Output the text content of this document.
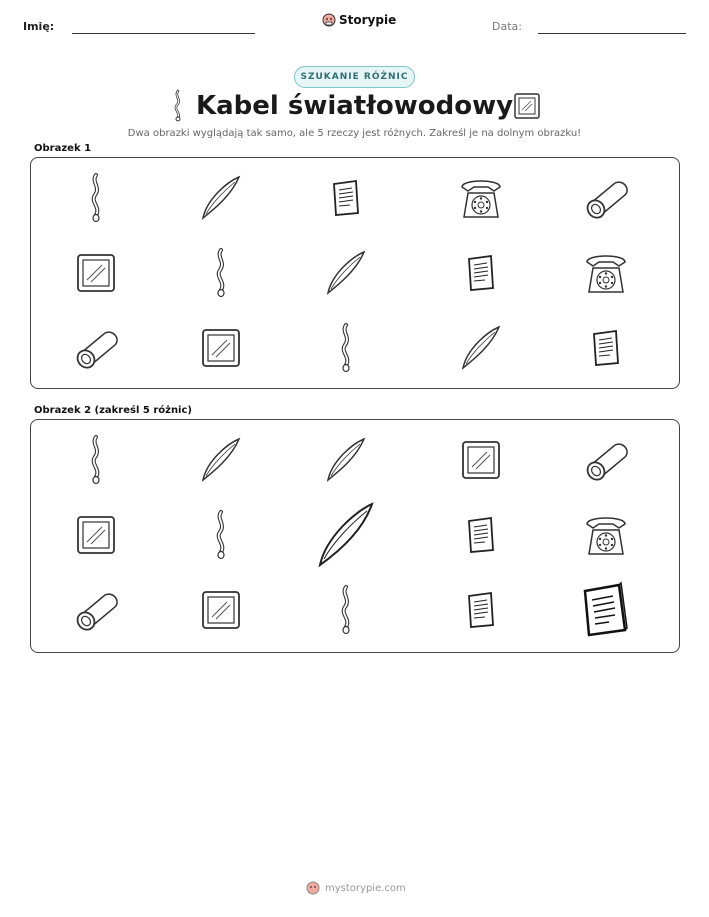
Imię:	Storypie	Data:
SZUKANIE RÓŻNIC
Kabel światłowodowy
Dwa obrazki wyglądają tak samo, ale 5 rzeczy jest różnych. Zakreśl je na dolnym obrazku!
Obrazek 1
Obrazek 2 (zakreśl 5 różnic)
mystorypie.com
